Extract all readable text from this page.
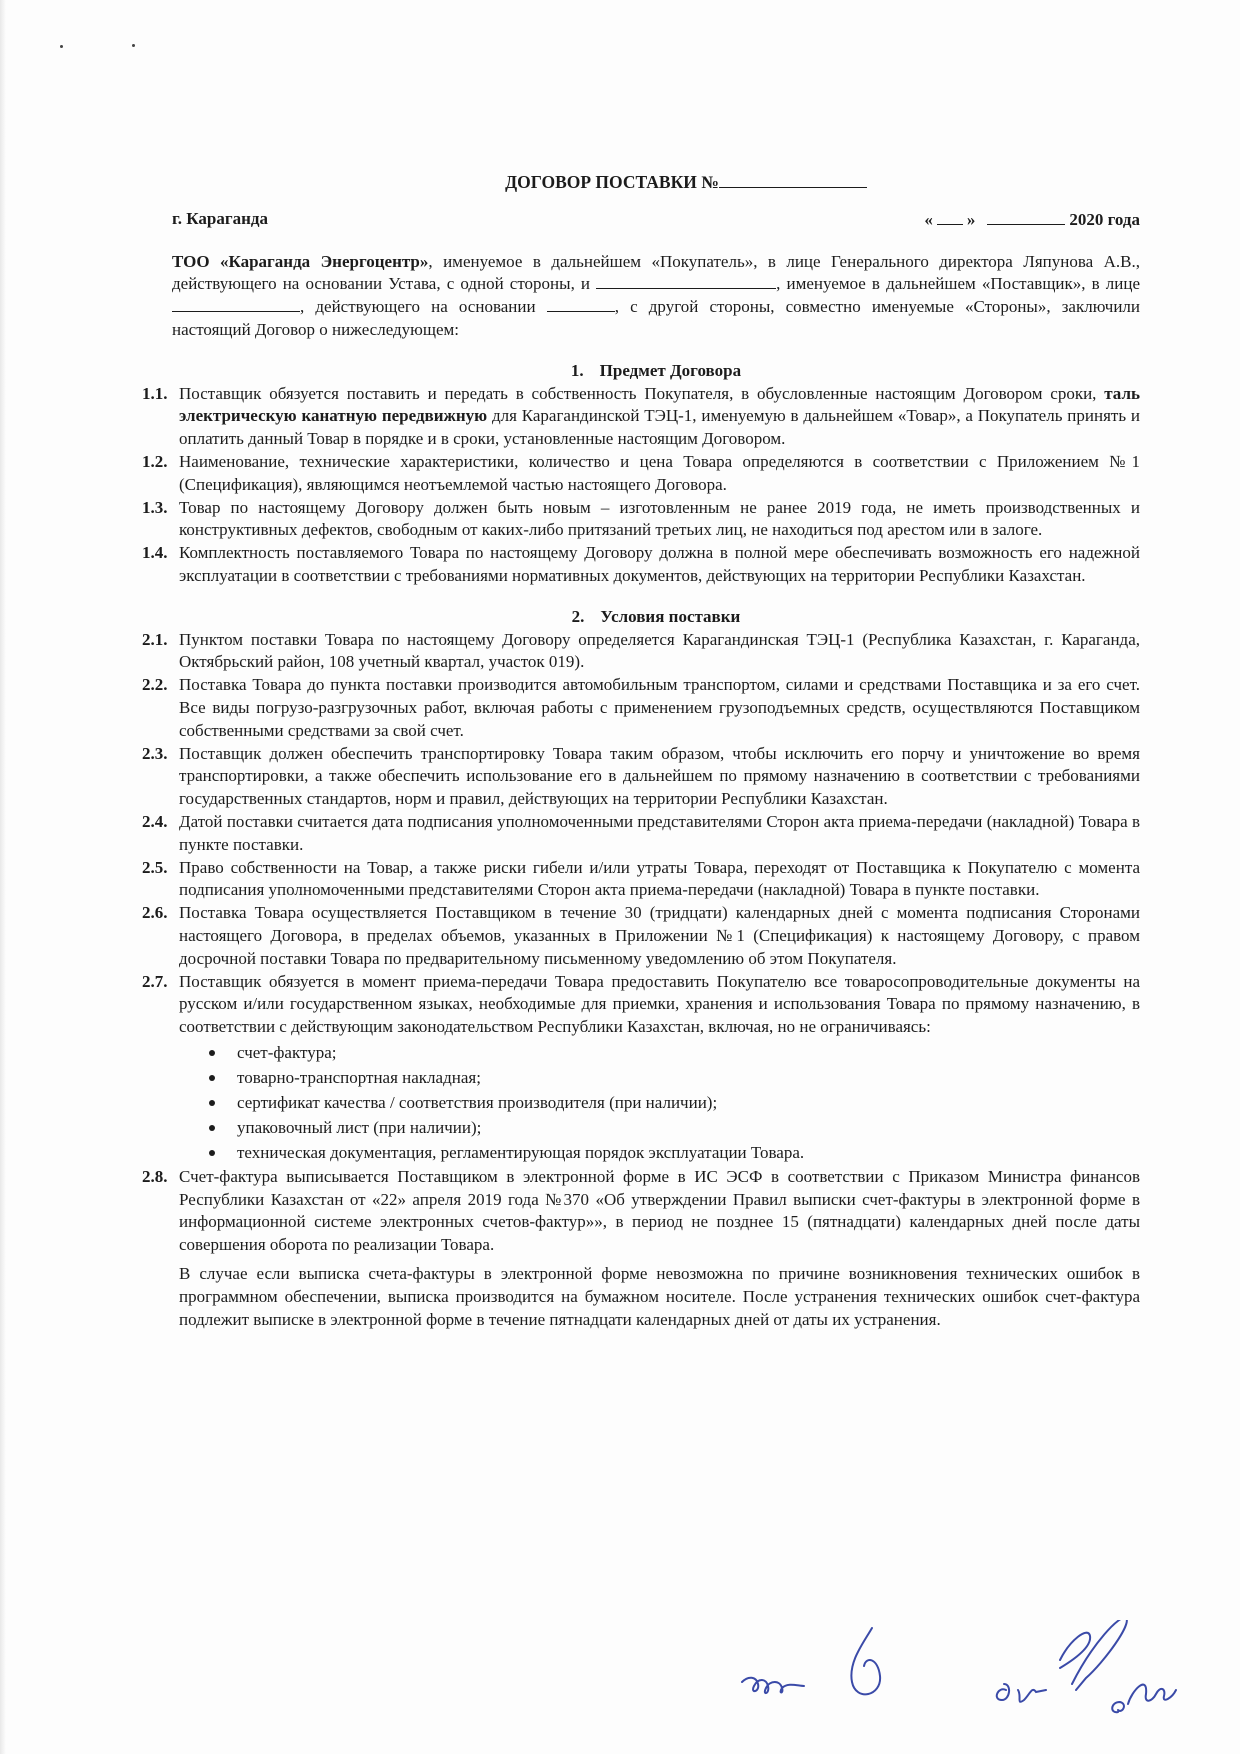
ДОГОВОР ПОСТАВКИ №
г. Караганда	« »	2020 года

ТОО «Караганда Энергоцентр», именуемое в дальнейшем «Покупатель», в лице Генерального директора Ляпунова А.В., действующего на основании Устава, с одной стороны, и	, именуемое в дальнейшем «Поставщик», в лице , действующего на основании	, с другой стороны, совместно именуемые «Стороны», заключили настоящий Договор о нижеследующем:

1. Предмет Договора
1.1. Поставщик обязуется поставить и передать в собственность Покупателя, в обусловленные настоящим Договором сроки, таль электрическую канатную передвижную для Карагандинской ТЭЦ-1, именуемую в дальнейшем «Товар», а Покупатель принять и оплатить данный Товар в порядке и в сроки, установленные настоящим Договором.
1.2. Наименование, технические характеристики, количество и цена Товара определяются в соответствии с Приложением №1 (Спецификация), являющимся неотъемлемой частью настоящего Договора.
1.3. Товар по настоящему Договору должен быть новым – изготовленным не ранее 2019 года, не иметь производственных и конструктивных дефектов, свободным от каких-либо притязаний третьих лиц, не находиться под арестом или в залоге.
1.4. Комплектность поставляемого Товара по настоящему Договору должна в полной мере обеспечивать возможность его надежной эксплуатации в соответствии с требованиями нормативных документов, действующих на территории Республики Казахстан.
2. Условия поставки
2.1. Пунктом поставки Товара по настоящему Договору определяется Карагандинская ТЭЦ-1 (Республика Казахстан, г. Караганда, Октябрьский район, 108 учетный квартал, участок 019).
2.2. Поставка Товара до пункта поставки производится автомобильным транспортом, силами и средствами Поставщика и за его счет. Все виды погрузо-разгрузочных работ, включая работы с применением грузоподъемных средств, осуществляются Поставщиком собственными средствами за свой счет.
2.3. Поставщик должен обеспечить транспортировку Товара таким образом, чтобы исключить его порчу и уничтожение во время транспортировки, а также обеспечить использование его в дальнейшем по прямому назначению в соответствии с требованиями государственных стандартов, норм и правил, действующих на территории Республики Казахстан.
2.4. Датой поставки считается дата подписания уполномоченными представителями Сторон акта приема-передачи (накладной) Товара в пункте поставки.
2.5. Право собственности на Товар, а также риски гибели и/или утраты Товара, переходят от Поставщика к Покупателю с момента подписания уполномоченными представителями Сторон акта приема-передачи (накладной) Товара в пункте поставки.
2.6. Поставка Товара осуществляется Поставщиком в течение 30 (тридцати) календарных дней с момента подписания Сторонами настоящего Договора, в пределах объемов, указанных в Приложении №1 (Спецификация) к настоящему Договору, с правом досрочной поставки Товара по предварительному письменному уведомлению об этом Покупателя.
2.7. Поставщик обязуется в момент приема-передачи Товара предоставить Покупателю все товаросопроводительные документы на русском и/или государственном языках, необходимые для приемки, хранения и использования Товара по прямому назначению, в соответствии с действующим законодательством Республики Казахстан, включая, но не ограничиваясь:
счет-фактура;
товарно-транспортная накладная;
сертификат качества / соответствия производителя (при наличии);
упаковочный лист (при наличии);
техническая документация, регламентирующая порядок эксплуатации Товара.
2.8. Счет-фактура выписывается Поставщиком в электронной форме в ИС ЭСФ в соответствии с Приказом Министра финансов Республики Казахстан от «22» апреля 2019 года №370 «Об утверждении Правил выписки счет-фактуры в электронной форме в информационной системе электронных счетов-фактур»», в период не позднее 15 (пятнадцати) календарных дней после даты совершения оборота по реализации Товара.

В случае если выписка счета-фактуры в электронной форме невозможна по причине возникновения технических ошибок в программном обеспечении, выписка производится на бумажном носителе. После устранения технических ошибок счет-фактура подлежит выписке в электронной форме в течение пятнадцати календарных дней от даты их устранения.
